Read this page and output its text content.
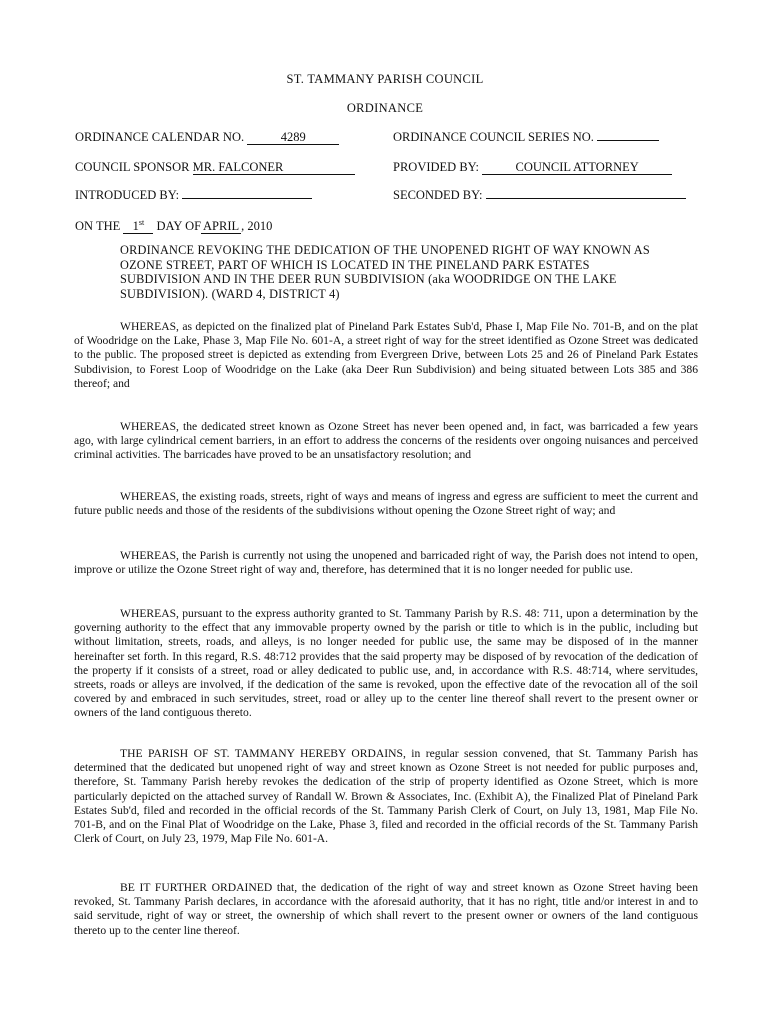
ST. TAMMANY PARISH COUNCIL
ORDINANCE
ORDINANCE CALENDAR NO.	4289	ORDINANCE COUNCIL SERIES NO.
COUNCIL SPONSOR MR. FALCONER	PROVIDED BY:	COUNCIL ATTORNEY
INTRODUCED BY:	SECONDED BY:
ON THE 1st DAY OF APRIL , 2010
ORDINANCE REVOKING THE DEDICATION OF THE UNOPENED RIGHT OF WAY KNOWN AS OZONE STREET, PART OF WHICH IS LOCATED IN THE PINELAND PARK ESTATES SUBDIVISION AND IN THE DEER RUN SUBDIVISION (aka WOODRIDGE ON THE LAKE SUBDIVISION). (WARD 4, DISTRICT 4)

WHEREAS, as depicted on the finalized plat of Pineland Park Estates Sub'd, Phase I, Map File No. 701-B, and on the plat of Woodridge on the Lake, Phase 3, Map File No. 601-A, a street right of way for the street identified as Ozone Street was dedicated to the public. The proposed street is depicted as extending from Evergreen Drive, between Lots 25 and 26 of Pineland Park Estates Subdivision, to Forest Loop of Woodridge on the Lake (aka Deer Run Subdivision) and being situated between Lots 385 and 386 thereof; and

WHEREAS, the dedicated street known as Ozone Street has never been opened and, in fact, was barricaded a few years ago, with large cylindrical cement barriers, in an effort to address the concerns of the residents over ongoing nuisances and perceived criminal activities. The barricades have proved to be an unsatisfactory resolution; and

WHEREAS, the existing roads, streets, right of ways and means of ingress and egress are sufficient to meet the current and future public needs and those of the residents of the subdivisions without opening the Ozone Street right of way; and

WHEREAS, the Parish is currently not using the unopened and barricaded right of way, the Parish does not intend to open, improve or utilize the Ozone Street right of way and, therefore, has determined that it is no longer needed for public use.

WHEREAS, pursuant to the express authority granted to St. Tammany Parish by R.S. 48: 711, upon a determination by the governing authority to the effect that any immovable property owned by the parish or title to which is in the public, including but without limitation, streets, roads, and alleys, is no longer needed for public use, the same may be disposed of in the manner hereinafter set forth. In this regard, R.S. 48:712 provides that the said property may be disposed of by revocation of the dedication of the property if it consists of a street, road or alley dedicated to public use, and, in accordance with R.S. 48:714, where servitudes, streets, roads or alleys are involved, if the dedication of the same is revoked, upon the effective date of the revocation all of the soil covered by and embraced in such servitudes, street, road or alley up to the center line thereof shall revert to the present owner or owners of the land contiguous thereto.

THE PARISH OF ST. TAMMANY HEREBY ORDAINS, in regular session convened, that St. Tammany Parish has determined that the dedicated but unopened right of way and street known as Ozone Street is not needed for public purposes and, therefore, St. Tammany Parish hereby revokes the dedication of the strip of property identified as Ozone Street, which is more particularly depicted on the attached survey of Randall W. Brown & Associates, Inc. (Exhibit A), the Finalized Plat of Pineland Park Estates Sub'd, filed and recorded in the official records of the St. Tammany Parish Clerk of Court, on July 13, 1981, Map File No. 701-B, and on the Final Plat of Woodridge on the Lake, Phase 3, filed and recorded in the official records of the St. Tammany Parish Clerk of Court, on July 23, 1979, Map File No. 601-A.

BE IT FURTHER ORDAINED that, the dedication of the right of way and street known as Ozone Street having been revoked, St. Tammany Parish declares, in accordance with the aforesaid authority, that it has no right, title and/or interest in and to said servitude, right of way or street, the ownership of which shall revert to the present owner or owners of the land contiguous thereto up to the center line thereof.
